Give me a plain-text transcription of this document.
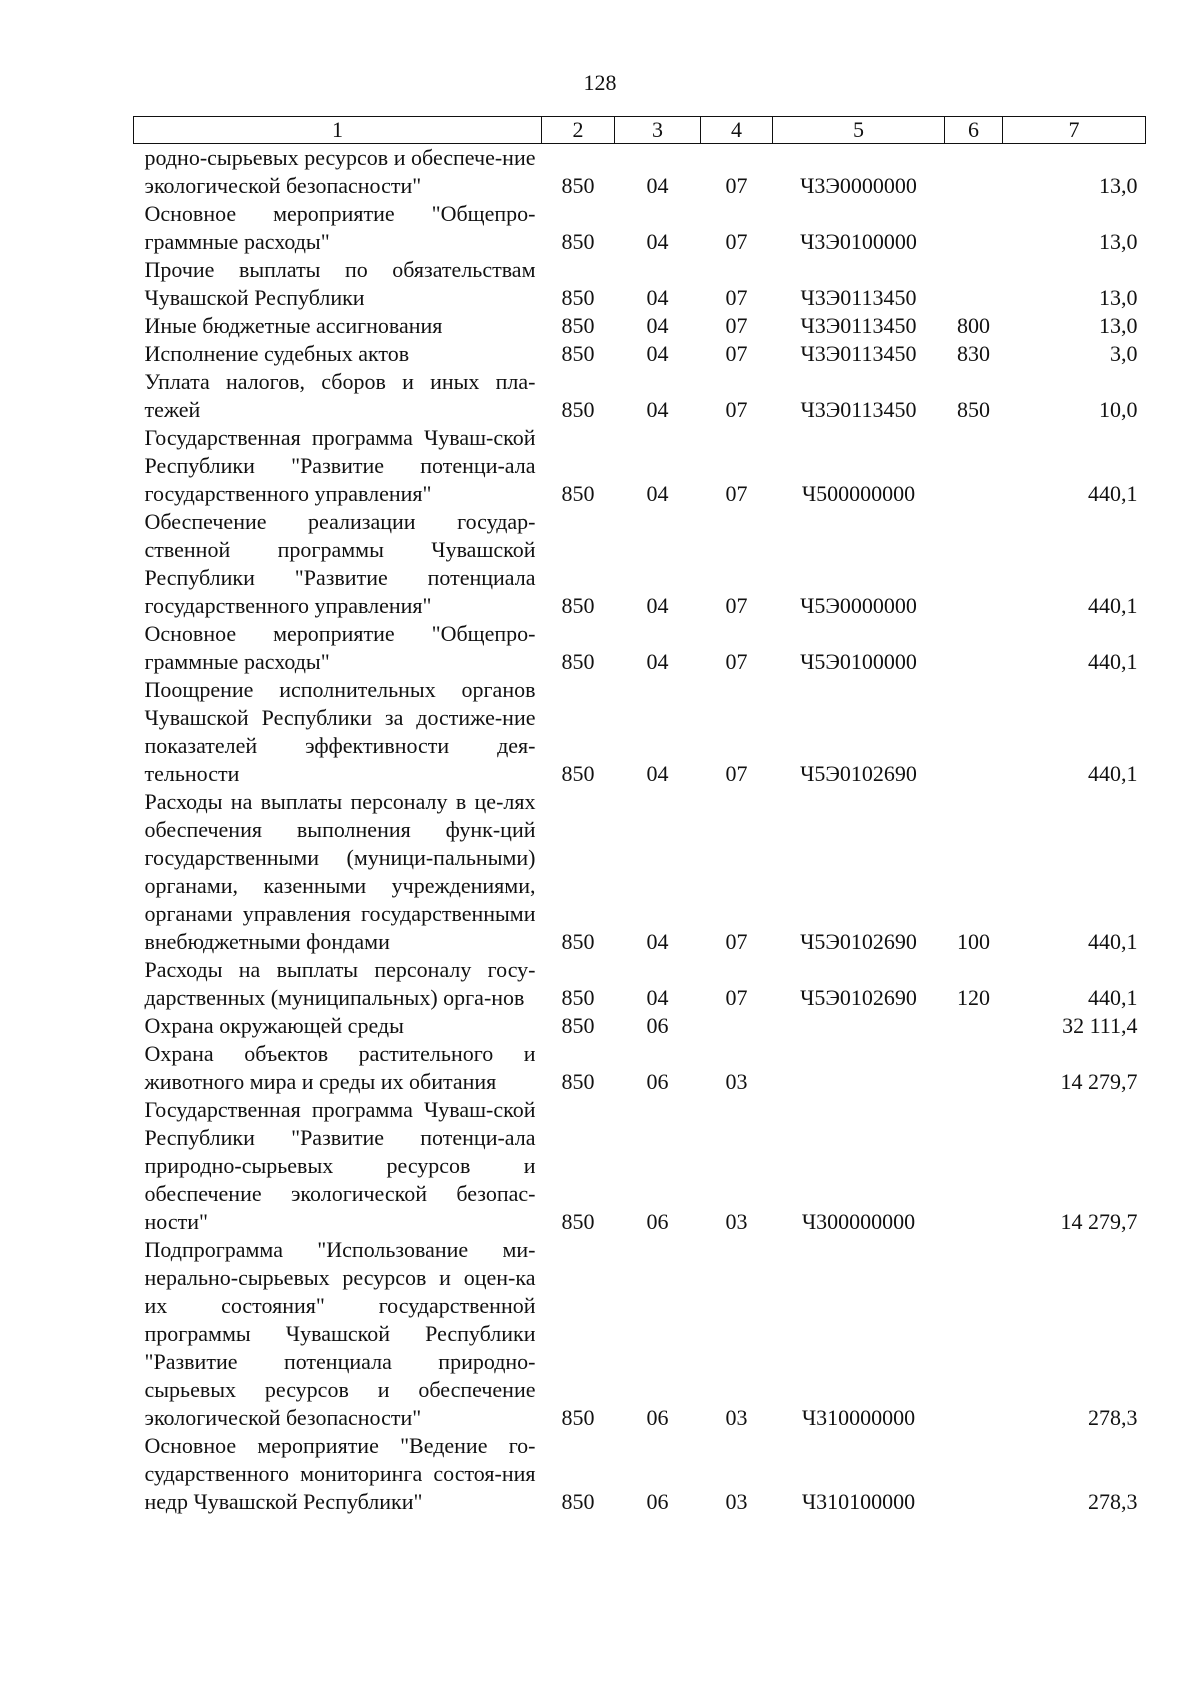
128
1	2	3	4	5	6	7
родно-сырьевых ресурсов и обеспече-ние экологической безопасности"	850	04	07	Ч3Э0000000		13,0
Основное мероприятие "Общепро-граммные расходы"	850	04	07	Ч3Э0100000		13,0
Прочие выплаты по обязательствам Чувашской Республики	850	04	07	Ч3Э0113450		13,0
Иные бюджетные ассигнования	850	04	07	Ч3Э0113450	800	13,0
Исполнение судебных актов	850	04	07	Ч3Э0113450	830	3,0
Уплата налогов, сборов и иных пла-тежей	850	04	07	Ч3Э0113450	850	10,0
Государственная программа Чуваш-ской Республики "Развитие потенци-ала государственного управления"	850	04	07	Ч500000000		440,1
Обеспечение реализации государ-ственной программы Чувашской Республики "Развитие потенциала государственного управления"	850	04	07	Ч5Э0000000		440,1
Основное мероприятие "Общепро-граммные расходы"	850	04	07	Ч5Э0100000		440,1
Поощрение исполнительных органов Чувашской Республики за достиже-ние показателей эффективности дея-тельности	850	04	07	Ч5Э0102690		440,1
Расходы на выплаты персоналу в це-лях обеспечения выполнения функ-ций государственными (муници-пальными) органами, казенными учреждениями, органами управления государственными внебюджетными фондами	850	04	07	Ч5Э0102690	100	440,1
Расходы на выплаты персоналу госу-дарственных (муниципальных) орга-нов	850	04	07	Ч5Э0102690	120	440,1
Охрана окружающей среды	850	06				32 111,4
Охрана объектов растительного и животного мира и среды их обитания	850	06	03			14 279,7
Государственная программа Чуваш-ской Республики "Развитие потенци-ала природно-сырьевых ресурсов и обеспечение экологической безопас-ности"	850	06	03	Ч300000000		14 279,7
Подпрограмма "Использование ми-нерально-сырьевых ресурсов и оцен-ка их состояния" государственной программы Чувашской Республики "Развитие потенциала природно-сырьевых ресурсов и обеспечение экологической безопасности"	850	06	03	Ч310000000		278,3
Основное мероприятие "Ведение го-сударственного мониторинга состоя-ния недр Чувашской Республики"	850	06	03	Ч310100000		278,3
